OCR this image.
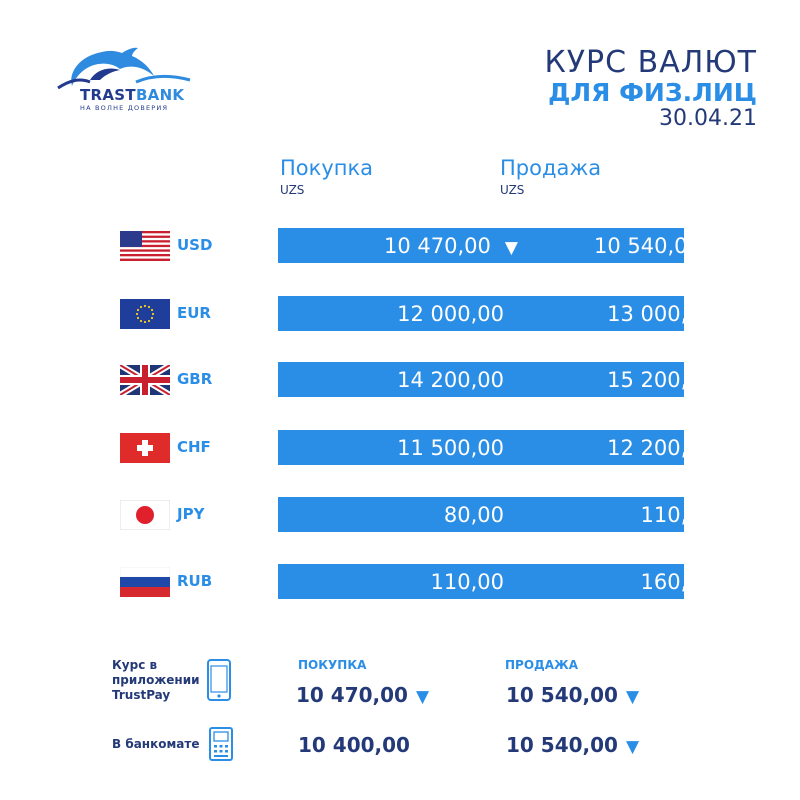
TRASTBANK
НА ВОЛНЕ ДОВЕРИЯ
КУРС ВАЛЮТ
ДЛЯ ФИЗ.ЛИЦ
30.04.21
Покупка
UZS
Продажа
UZS
USD	10 470,00 ▼	10 540,00 ▼
EUR	12 000,00	13 000,00
GBR	14 200,00	15 200,00
CHF	11 500,00	12 200,00
JPY	80,00	110,00
RUB	110,00	160,00
Курс в
приложении
TrustPay
ПОКУПКА	ПРОДАЖА
10 470,00 ▼	10 540,00 ▼
В банкомате	10 400,00	10 540,00 ▼
